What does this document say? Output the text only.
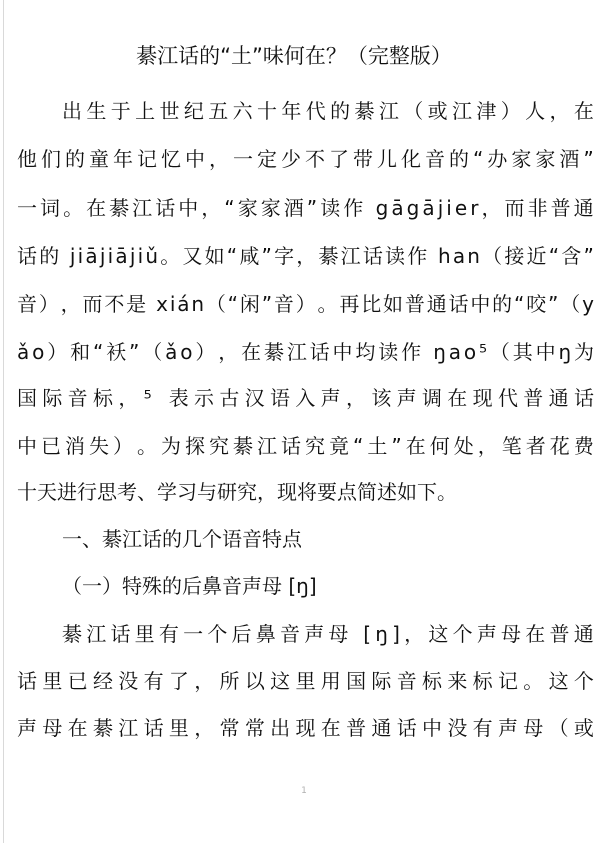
綦江话的“土”味何在？（完整版）
出 生 于 上 世 纪 五 六 十 年 代 的 綦 江 （ 或 江 津 ） 人 ， 在
他 们 的 童 年 记 忆 中 ， 一 定 少 不 了 带 儿 化 音 的 “ 办 家 家 酒 ”
一 词 。 在 綦 江 话 中 ， “ 家 家 酒 ” 读 作
g ā g ā j i e r ， 而 非 普 通
话 的
j i ā j i ā j i ǔ 。 又 如 “ 咸 ” 字 ， 綦 江 话 读 作
h a n （ 接 近 “ 含 ”
音 ） ， 而 不 是
x i á n （ “ 闲 ” 音 ） 。 再 比 如 普 通 话 中 的 “ 咬 ” （ y
ǎ o ） 和 “ 袄 ” （ ǎ o ） ， 在 綦 江 话 中 均 读 作
ŋ a o ⁵ （ 其 中 ŋ 为
国 际 音 标 ， ⁵
表 示 古 汉 语 入 声 ， 该 声 调 在 现 代 普 通 话
中 已 消 失 ） 。 为 探 究 綦 江 话 究 竟 “ 土 ” 在 何 处 ， 笔 者 花 费
十天进行思考、学习与研究，现将要点简述如下。
一、綦江话的几个语音特点
（一）特殊的后鼻音声母 [ŋ]
綦 江 话 里 有 一 个 后 鼻 音 声 母
[ ŋ ] ， 这 个 声 母 在 普 通
话 里 已 经 没 有 了 ， 所 以 这 里 用 国 际 音 标 来 标 记 。 这 个
声 母 在 綦 江 话 里 ， 常 常 出 现 在 普 通 话 中 没 有 声 母 （ 或
1
